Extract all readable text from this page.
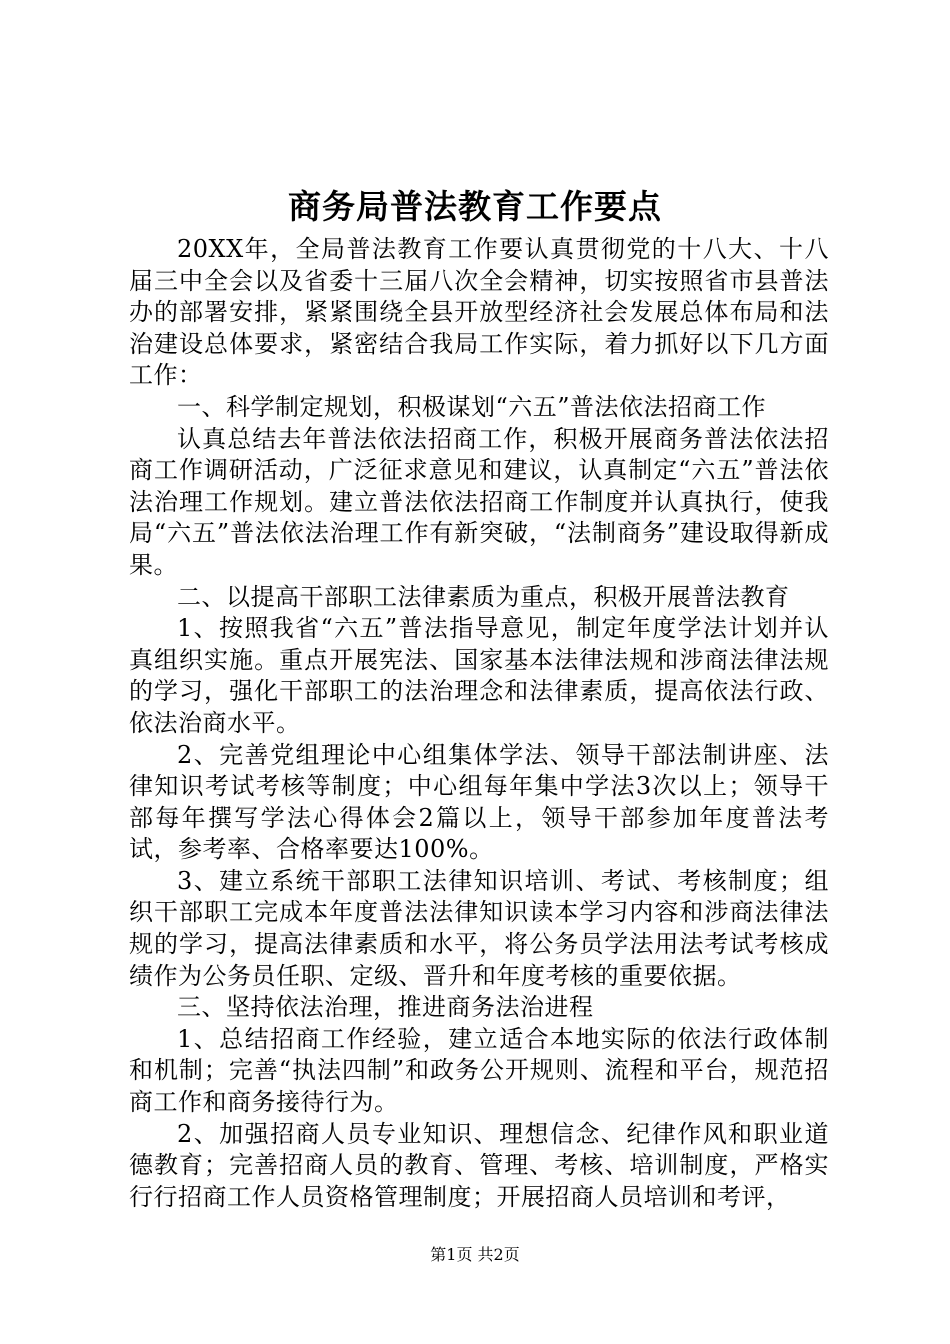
商务局普法教育工作要点

20XX年，全局普法教育工作要认真贯彻党的十八大、十八届三中全会以及省委十三届八次全会精神，切实按照省市县普法办的部署安排，紧紧围绕全县开放型经济社会发展总体布局和法治建设总体要求，紧密结合我局工作实际，着力抓好以下几方面工作：

一、科学制定规划，积极谋划“六五”普法依法招商工作

认真总结去年普法依法招商工作，积极开展商务普法依法招商工作调研活动，广泛征求意见和建议，认真制定“六五”普法依法治理工作规划。建立普法依法招商工作制度并认真执行，使我局“六五”普法依法治理工作有新突破，“法制商务”建设取得新成果。

二、以提高干部职工法律素质为重点，积极开展普法教育

1、按照我省“六五”普法指导意见，制定年度学法计划并认真组织实施。重点开展宪法、国家基本法律法规和涉商法律法规的学习，强化干部职工的法治理念和法律素质，提高依法行政、依法治商水平。

2、完善党组理论中心组集体学法、领导干部法制讲座、法律知识考试考核等制度；中心组每年集中学法3次以上；领导干部每年撰写学法心得体会2篇以上，领导干部参加年度普法考试，参考率、合格率要达100%。

3、建立系统干部职工法律知识培训、考试、考核制度；组织干部职工完成本年度普法法律知识读本学习内容和涉商法律法规的学习，提高法律素质和水平，将公务员学法用法考试考核成绩作为公务员任职、定级、晋升和年度考核的重要依据。

三、坚持依法治理，推进商务法治进程

1、总结招商工作经验，建立适合本地实际的依法行政体制和机制；完善“执法四制”和政务公开规则、流程和平台，规范招商工作和商务接待行为。

2、加强招商人员专业知识、理想信念、纪律作风和职业道德教育；完善招商人员的教育、管理、考核、培训制度，严格实行行招商工作人员资格管理制度；开展招商人员培训和考评，

第1页 共2页
